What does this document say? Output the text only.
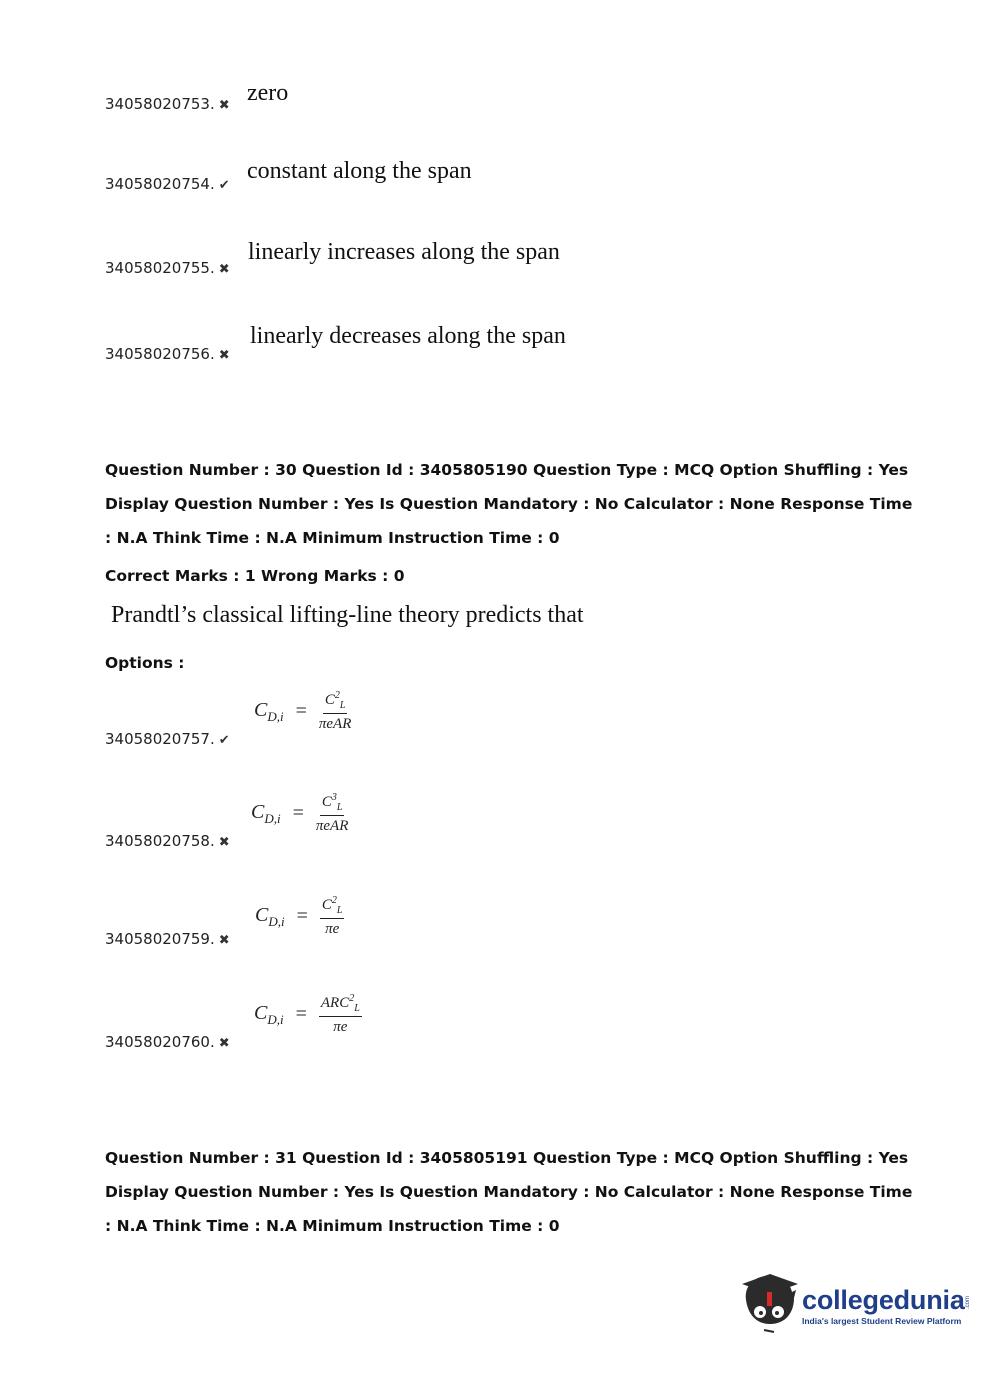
34058020753. ✖ zero
34058020754. ✔
constant along the span
34058020755. ✖
linearly increases along the span
34058020756. ✖
linearly decreases along the span
Question Number : 30 Question Id : 3405805190 Question Type : MCQ Option Shuffling : Yes
Display Question Number : Yes Is Question Mandatory : No Calculator : None Response Time
: N.A Think Time : N.A Minimum Instruction Time : 0
Correct Marks : 1 Wrong Marks : 0
Prandtl’s classical lifting-line theory predicts that
Options :
34058020757. ✔
$C_{D,i} = \frac{C^2_L}{\text{πeAR}}$
34058020758. ✖
$C_{D,i} = \frac{C^3_L}{\text{πeAR}}$
34058020759. ✖
$C_{D,i} = \frac{C^2_L}{\pi e}$
34058020760. ✖
$C_{D,i} = \frac{ARC^2_L}{\pi e}$
Question Number : 31 Question Id : 3405805191 Question Type : MCQ Option Shuffling : Yes
Display Question Number : Yes Is Question Mandatory : No Calculator : None Response Time
: N.A Think Time : N.A Minimum Instruction Time : 0
collegedunia .com
India's largest Student Review Platform
